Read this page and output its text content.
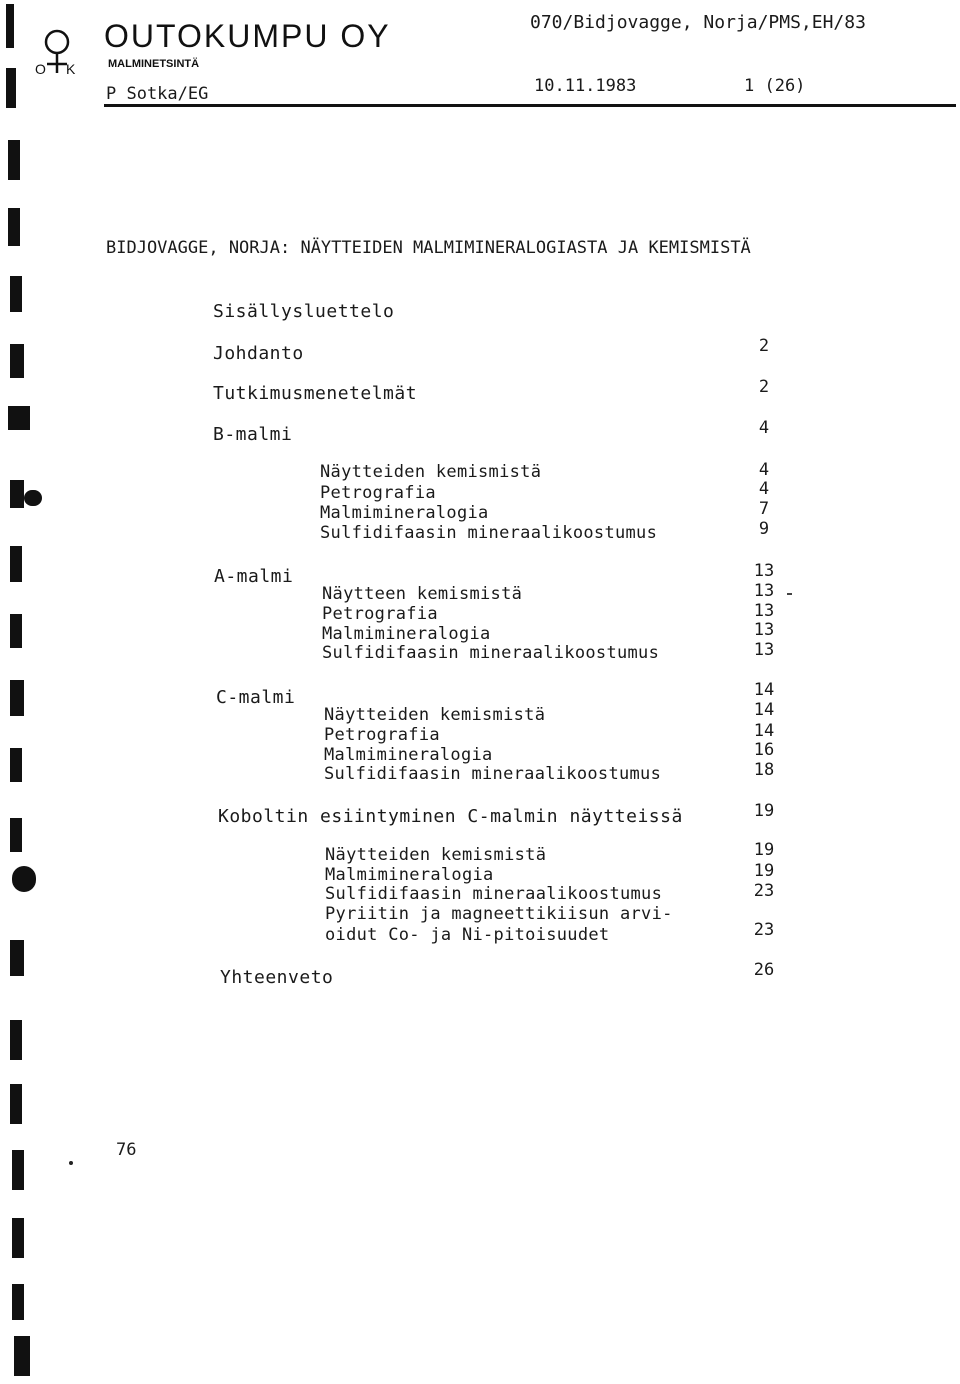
O K
OUTOKUMPU OY
MALMINETSINTÄ
P Sotka/EG
070/Bidjovagge, Norja/PMS,EH/83
10.11.1983	1 (26)
BIDJOVAGGE, NORJA: NÄYTTEIDEN MALMIMINERALOGIASTA JA KEMISMISTÄ
Sisällysluettelo
Johdanto	2
Tutkimusmenetelmät	2
B-malmi	4
Näytteiden kemismistä	4
Petrografia	4
Malmimineralogia	7
Sulfidifaasin mineraalikoostumus	9
A-malmi	13
Näytteen kemismistä	13
Petrografia	13
Malmimineralogia	13
Sulfidifaasin mineraalikoostumus	13
C-malmi	14
Näytteiden kemismistä	14
Petrografia	14
Malmimineralogia	16
Sulfidifaasin mineraalikoostumus	18
Koboltin esiintyminen C-malmin näytteissä	19
Näytteiden kemismistä	19
Malmimineralogia	19
Sulfidifaasin mineraalikoostumus	23
Pyriitin ja magneettikiisun arvi-
oidut Co- ja Ni-pitoisuudet	23
Yhteenveto	26
76
